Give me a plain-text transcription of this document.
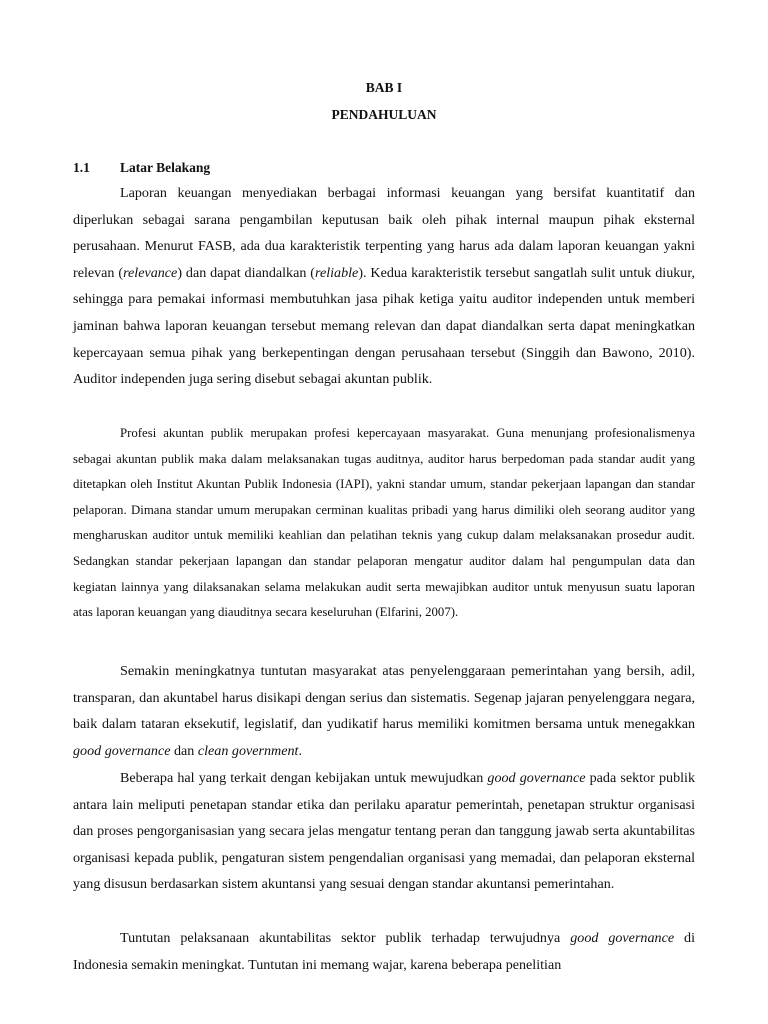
BAB I
PENDAHULUAN
1.1 Latar Belakang

Laporan keuangan menyediakan berbagai informasi keuangan yang bersifat kuantitatif dan diperlukan sebagai sarana pengambilan keputusan baik oleh pihak internal maupun pihak eksternal perusahaan. Menurut FASB, ada dua karakteristik terpenting yang harus ada dalam laporan keuangan yakni relevan (relevance) dan dapat diandalkan (reliable). Kedua karakteristik tersebut sangatlah sulit untuk diukur, sehingga para pemakai informasi membutuhkan jasa pihak ketiga yaitu auditor independen untuk memberi jaminan bahwa laporan keuangan tersebut memang relevan dan dapat diandalkan serta dapat meningkatkan kepercayaan semua pihak yang berkepentingan dengan perusahaan tersebut (Singgih dan Bawono, 2010). Auditor independen juga sering disebut sebagai akuntan publik.

Profesi akuntan publik merupakan profesi kepercayaan masyarakat. Guna menunjang profesionalismenya sebagai akuntan publik maka dalam melaksanakan tugas auditnya, auditor harus berpedoman pada standar audit yang ditetapkan oleh Institut Akuntan Publik Indonesia (IAPI), yakni standar umum, standar pekerjaan lapangan dan standar pelaporan. Dimana standar umum merupakan cerminan kualitas pribadi yang harus dimiliki oleh seorang auditor yang mengharuskan auditor untuk memiliki keahlian dan pelatihan teknis yang cukup dalam melaksanakan prosedur audit. Sedangkan standar pekerjaan lapangan dan standar pelaporan mengatur auditor dalam hal pengumpulan data dan kegiatan lainnya yang dilaksanakan selama melakukan audit serta mewajibkan auditor untuk menyusun suatu laporan atas laporan keuangan yang diauditnya secara keseluruhan (Elfarini, 2007).

Semakin meningkatnya tuntutan masyarakat atas penyelenggaraan pemerintahan yang bersih, adil, transparan, dan akuntabel harus disikapi dengan serius dan sistematis. Segenap jajaran penyelenggara negara, baik dalam tataran eksekutif, legislatif, dan yudikatif harus memiliki komitmen bersama untuk menegakkan good governance dan clean government.

Beberapa hal yang terkait dengan kebijakan untuk mewujudkan good governance pada sektor publik antara lain meliputi penetapan standar etika dan perilaku aparatur pemerintah, penetapan struktur organisasi dan proses pengorganisasian yang secara jelas mengatur tentang peran dan tanggung jawab serta akuntabilitas organisasi kepada publik, pengaturan sistem pengendalian organisasi yang memadai, dan pelaporan eksternal yang disusun berdasarkan sistem akuntansi yang sesuai dengan standar akuntansi pemerintahan.

Tuntutan pelaksanaan akuntabilitas sektor publik terhadap terwujudnya good governance di Indonesia semakin meningkat. Tuntutan ini memang wajar, karena beberapa penelitian
